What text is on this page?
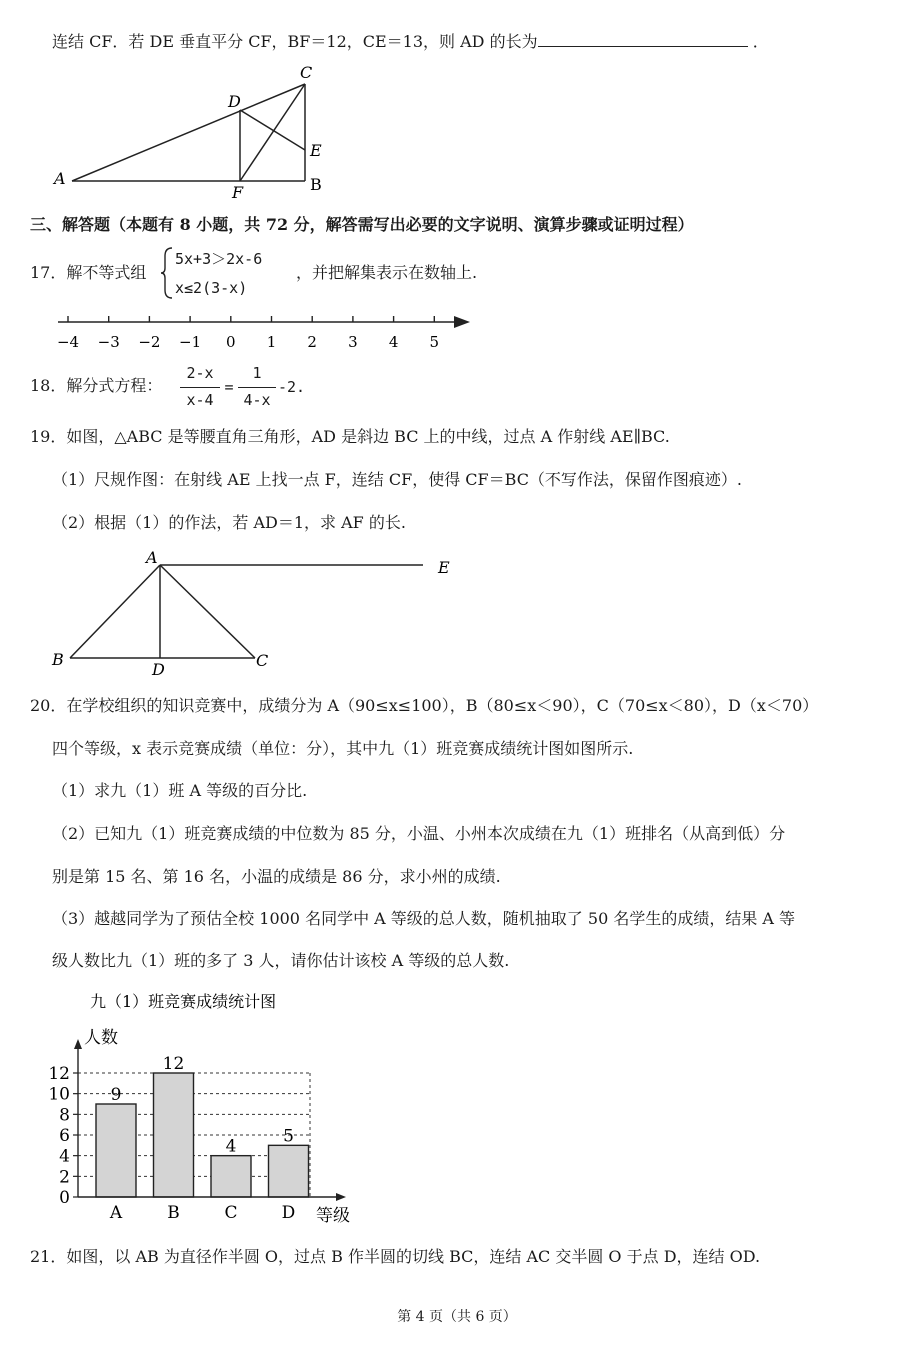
连结 CF．若 DE 垂直平分 CF，BF＝12，CE＝13，则 AD 的长为	．
A
C
D
E
F	B
三、解答题（本题有 8 小题，共 72 分，解答需写出必要的文字说明、演算步骤或证明过程）
17．解不等式组
5x+3＞2x-6
x≤2(3-x)
，并把解集表示在数轴上.
−4 −3 −2 −1 0 1 2 3 4 5
18．解分式方程：
2-x
x-4
=
1
4-x
-2.
19．如图，△ABC 是等腰直角三角形，AD 是斜边 BC 上的中线，过点 A 作射线 AE∥BC.
（1）尺规作图：在射线 AE 上找一点 F，连结 CF，使得 CF＝BC（不写作法，保留作图痕迹）.
（2）根据（1）的作法，若 AD＝1，求 AF 的长.
A
E
B
D	C
20．在学校组织的知识竞赛中，成绩分为 A（90≤x≤100），B（80≤x＜90），C（70≤x＜80），D（x＜70）
四个等级，x 表示竞赛成绩（单位：分），其中九（1）班竞赛成绩统计图如图所示.
（1）求九（1）班 A 等级的百分比.
（2）已知九（1）班竞赛成绩的中位数为 85 分，小温、小州本次成绩在九（1）班排名（从高到低）分
别是第 15 名、第 16 名，小温的成绩是 86 分，求小州的成绩.
（3）越越同学为了预估全校 1000 名同学中 A 等级的总人数，随机抽取了 50 名学生的成绩，结果 A 等
级人数比九（1）班的多了 3 人，请你估计该校 A 等级的总人数.
九（1）班竞赛成绩统计图
人数
等级
9
12
4
5
0
2
4
6
8
10
12
A	B	C	D
21．如图，以 AB 为直径作半圆 O，过点 B 作半圆的切线 BC，连结 AC 交半圆 O 于点 D，连结 OD.
第 4 页（共 6 页）
